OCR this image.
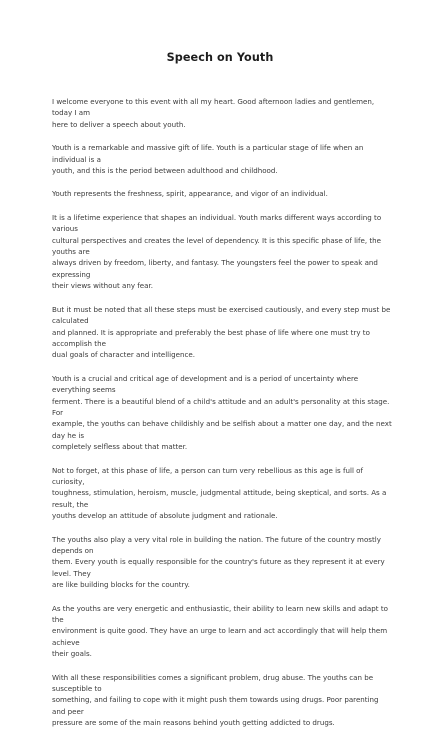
Speech on Youth

I welcome everyone to this event with all my heart. Good afternoon ladies and gentlemen, today I am
here to deliver a speech about youth.

Youth is a remarkable and massive gift of life. Youth is a particular stage of life when an individual is a
youth, and this is the period between adulthood and childhood.

Youth represents the freshness, spirit, appearance, and vigor of an individual.

It is a lifetime experience that shapes an individual. Youth marks different ways according to various
cultural perspectives and creates the level of dependency. It is this specific phase of life, the youths are
always driven by freedom, liberty, and fantasy. The youngsters feel the power to speak and expressing
their views without any fear.

But it must be noted that all these steps must be exercised cautiously, and every step must be calculated
and planned. It is appropriate and preferably the best phase of life where one must try to accomplish the
dual goals of character and intelligence.

Youth is a crucial and critical age of development and is a period of uncertainty where everything seems
ferment. There is a beautiful blend of a child's attitude and an adult's personality at this stage. For
example, the youths can behave childishly and be selfish about a matter one day, and the next day he is
completely selfless about that matter.

Not to forget, at this phase of life, a person can turn very rebellious as this age is full of curiosity,
toughness, stimulation, heroism, muscle, judgmental attitude, being skeptical, and sorts. As a result, the
youths develop an attitude of absolute judgment and rationale.

The youths also play a very vital role in building the nation. The future of the country mostly depends on
them. Every youth is equally responsible for the country's future as they represent it at every level. They
are like building blocks for the country.

As the youths are very energetic and enthusiastic, their ability to learn new skills and adapt to the
environment is quite good. They have an urge to learn and act accordingly that will help them achieve
their goals.

With all these responsibilities comes a significant problem, drug abuse. The youths can be susceptible to
something, and failing to cope with it might push them towards using drugs. Poor parenting and peer
pressure are some of the main reasons behind youth getting addicted to drugs.
